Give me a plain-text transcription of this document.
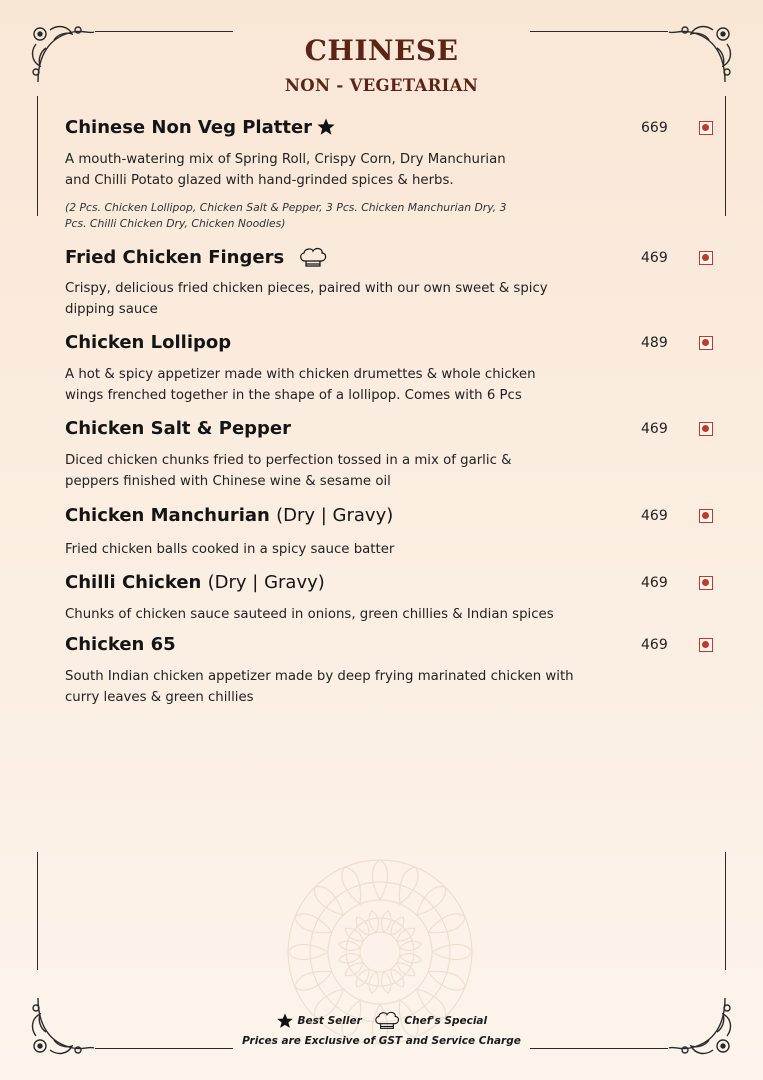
CHINESE
NON - VEGETARIAN
Chinese Non Veg Platter	669
A mouth-watering mix of Spring Roll, Crispy Corn, Dry Manchurian and Chilli Potato glazed with hand-grinded spices & herbs.
(2 Pcs. Chicken Lollipop, Chicken Salt & Pepper, 3 Pcs. Chicken Manchurian Dry, 3 Pcs. Chilli Chicken Dry, Chicken Noodles)
Fried Chicken Fingers	469
Crispy, delicious fried chicken pieces, paired with our own sweet & spicy dipping sauce
Chicken Lollipop	489
A hot & spicy appetizer made with chicken drumettes & whole chicken wings frenched together in the shape of a lollipop. Comes with 6 Pcs
Chicken Salt & Pepper	469
Diced chicken chunks fried to perfection tossed in a mix of garlic & peppers finished with Chinese wine & sesame oil
Chicken Manchurian (Dry | Gravy)	469
Fried chicken balls cooked in a spicy sauce batter
Chilli Chicken (Dry | Gravy)	469
Chunks of chicken sauce sauteed in onions, green chillies & Indian spices
Chicken 65	469
South Indian chicken appetizer made by deep frying marinated chicken with curry leaves & green chillies
Best Seller	Chef's Special
Prices are Exclusive of GST and Service Charge
